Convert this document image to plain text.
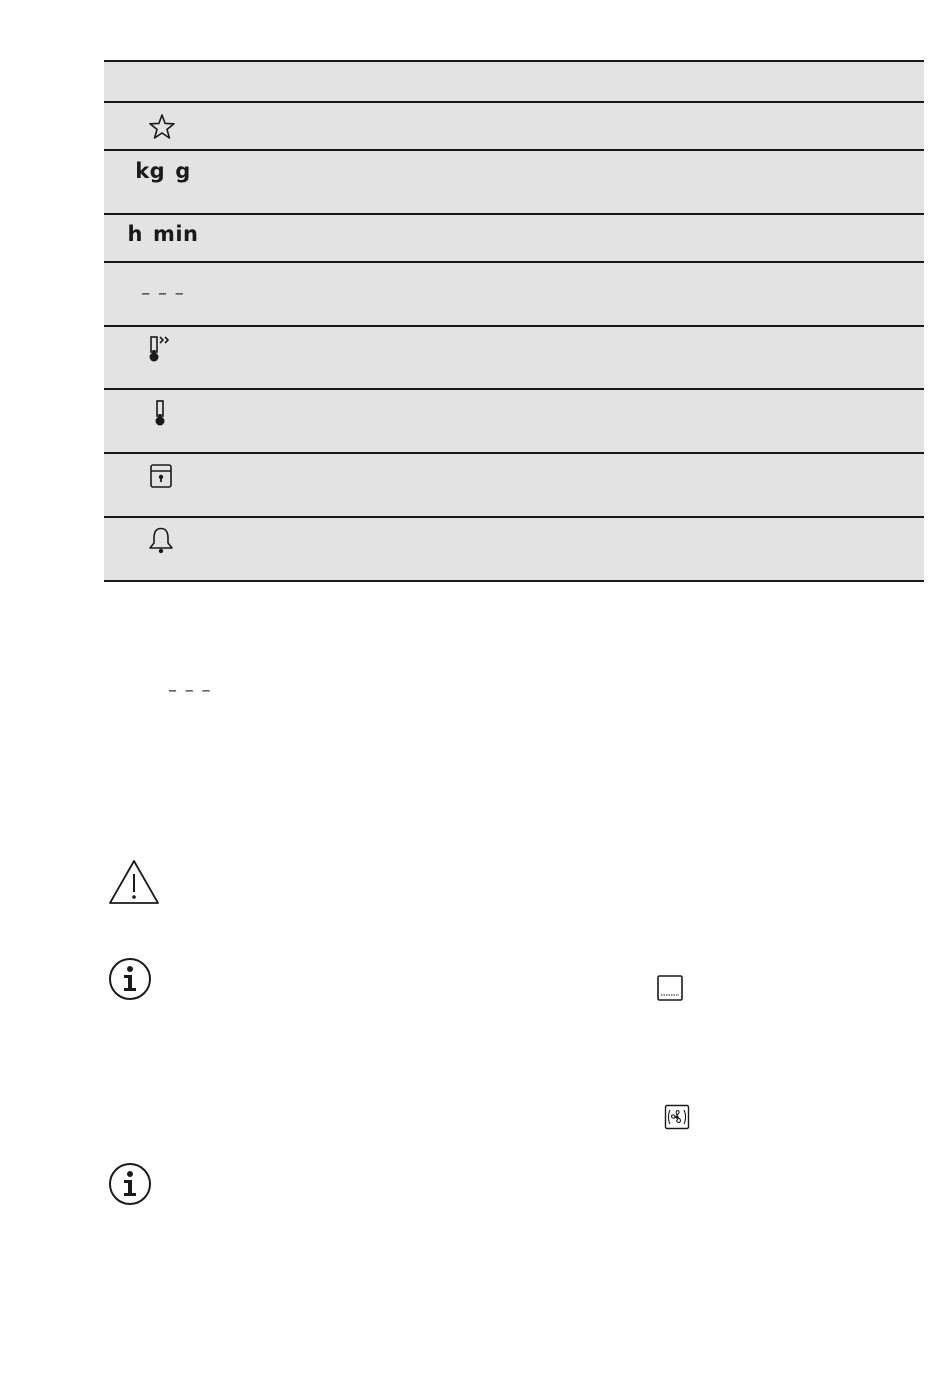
kg g
h min
– – –
– – –
